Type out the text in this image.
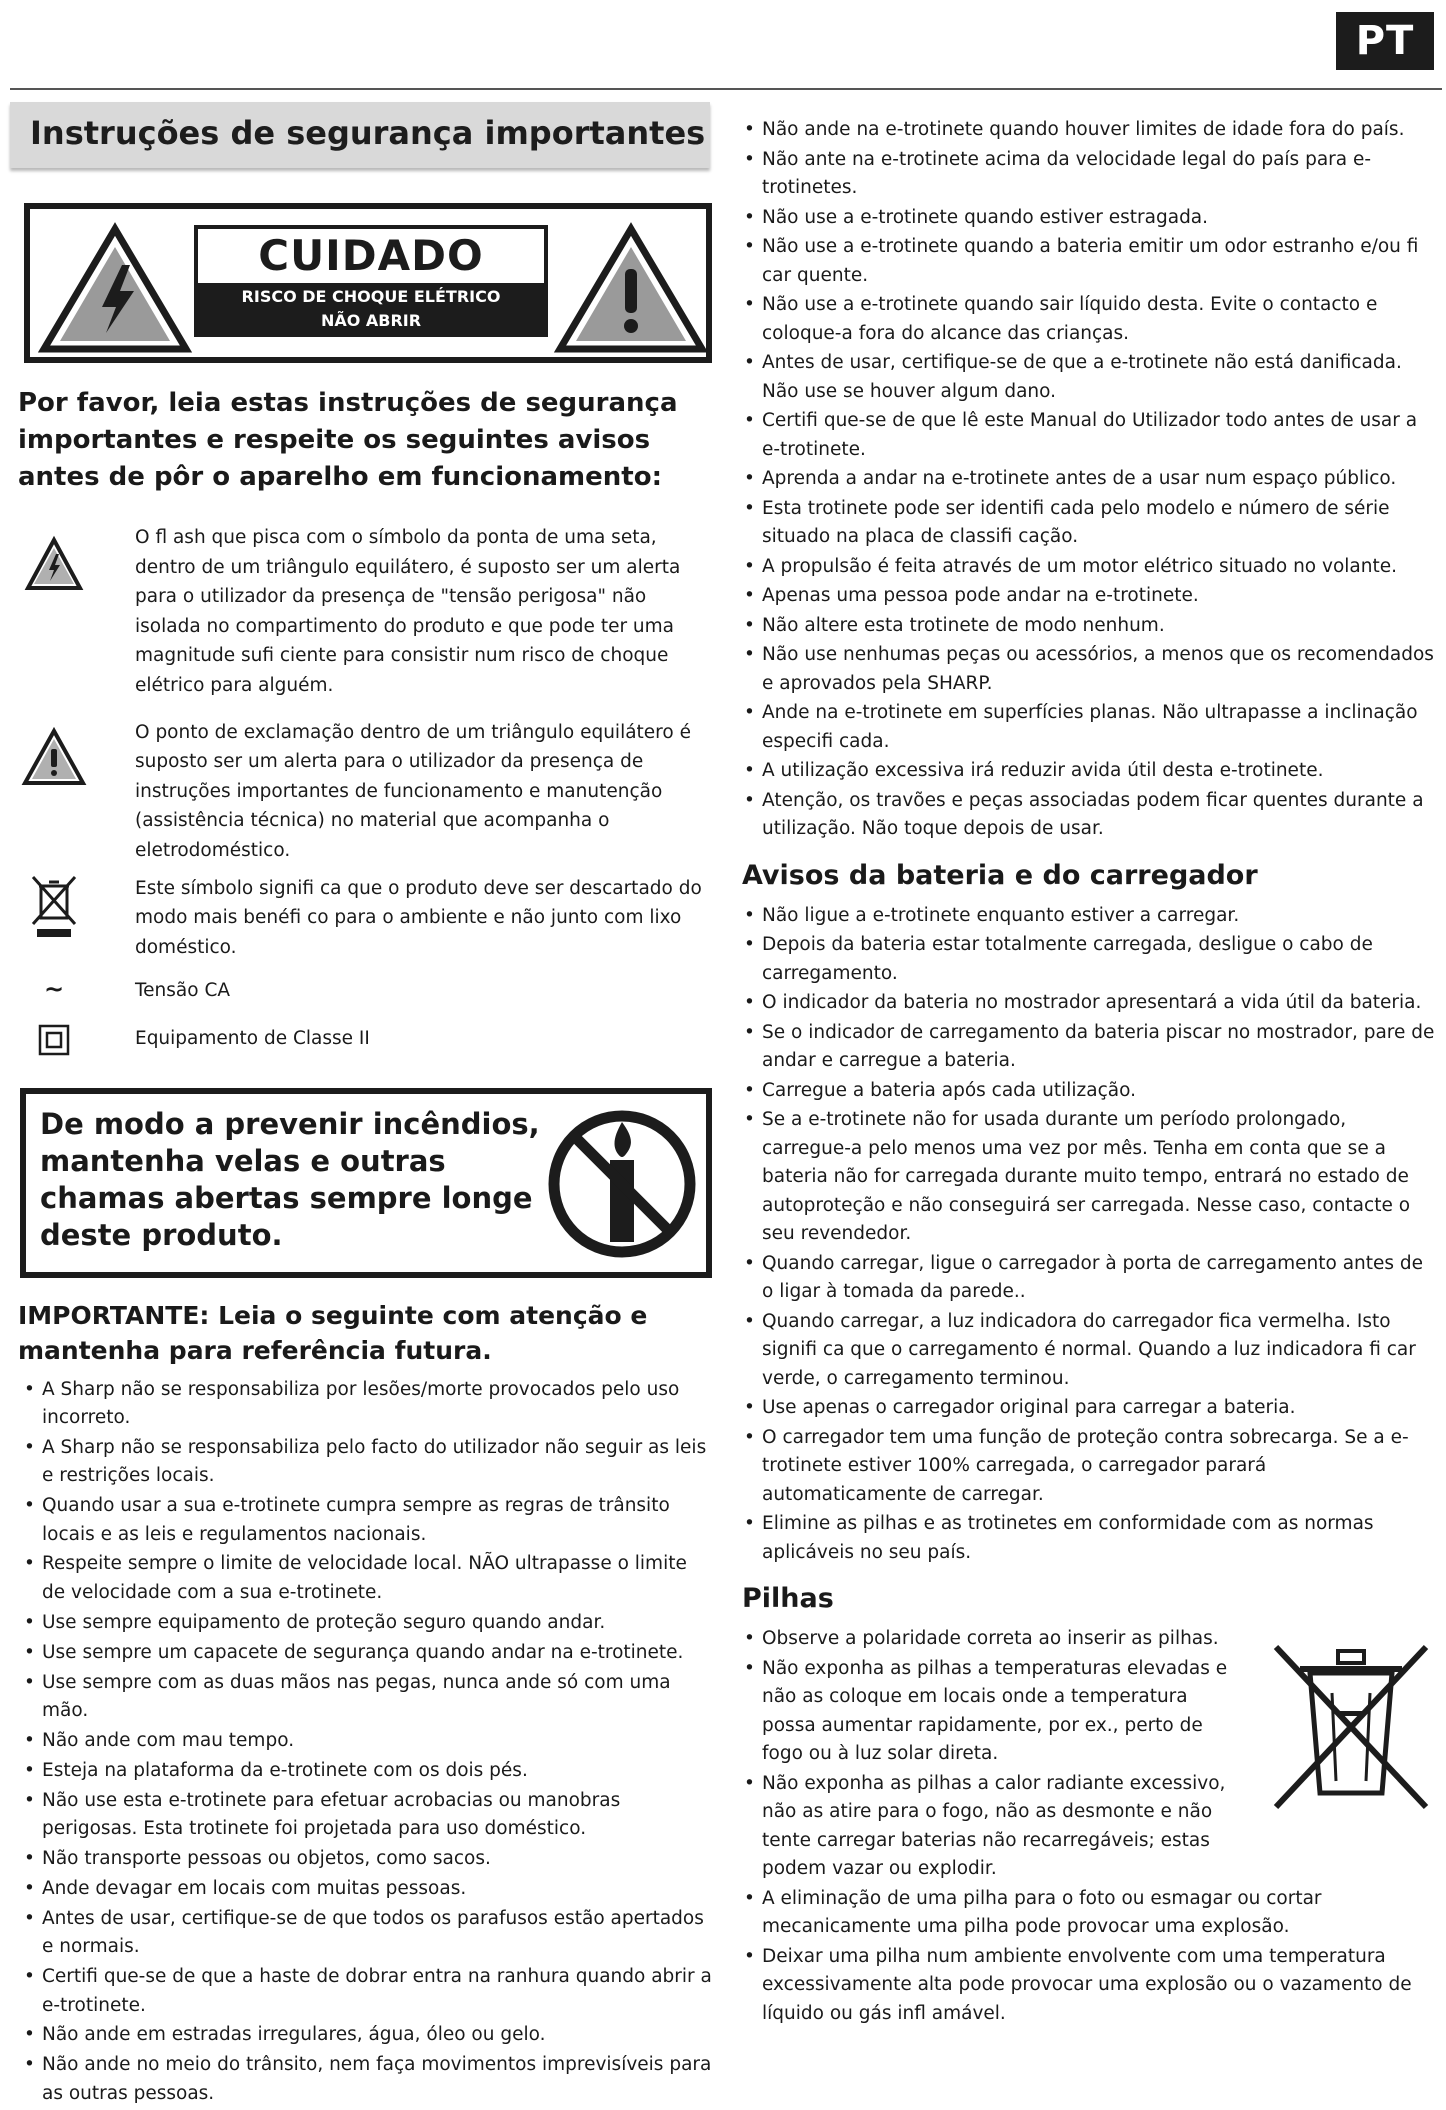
PT
Instruções de segurança importantes
CUIDADO
RISCO DE CHOQUE ELÉTRICO
NÃO ABRIR
Por favor, leia estas instruções de segurança importantes e respeite os seguintes avisos antes de pôr o aparelho em funcionamento:
O fl ash que pisca com o símbolo da ponta de uma seta, dentro de um triângulo equilátero, é suposto ser um alerta para o utilizador da presença de "tensão perigosa" não isolada no compartimento do produto e que pode ter uma magnitude sufi ciente para consistir num risco de choque elétrico para alguém.
O ponto de exclamação dentro de um triângulo equilátero é suposto ser um alerta para o utilizador da presença de instruções importantes de funcionamento e manutenção (assistência técnica) no material que acompanha o eletrodoméstico.
Este símbolo signifi ca que o produto deve ser descartado do modo mais benéfi co para o ambiente e não junto com lixo doméstico.
~	Tensão CA
Equipamento de Classe II
De modo a prevenir incêndios, mantenha velas e outras chamas abertas sempre longe deste produto.
IMPORTANTE: Leia o seguinte com atenção e mantenha para referência futura.
• A Sharp não se responsabiliza por lesões/morte provocados pelo uso incorreto.
• A Sharp não se responsabiliza pelo facto do utilizador não seguir as leis e restrições locais.
• Quando usar a sua e-trotinete cumpra sempre as regras de trânsito locais e as leis e regulamentos nacionais.
• Respeite sempre o limite de velocidade local. NÃO ultrapasse o limite de velocidade com a sua e-trotinete.
• Use sempre equipamento de proteção seguro quando andar.
• Use sempre um capacete de segurança quando andar na e-trotinete.
• Use sempre com as duas mãos nas pegas, nunca ande só com uma mão.
• Não ande com mau tempo.
• Esteja na plataforma da e-trotinete com os dois pés.
• Não use esta e-trotinete para efetuar acrobacias ou manobras perigosas. Esta trotinete foi projetada para uso doméstico.
• Não transporte pessoas ou objetos, como sacos.
• Ande devagar em locais com muitas pessoas.
• Antes de usar, certifique-se de que todos os parafusos estão apertados e normais.
• Certifi que-se de que a haste de dobrar entra na ranhura quando abrir a e-trotinete.
• Não ande em estradas irregulares, água, óleo ou gelo.
• Não ande no meio do trânsito, nem faça movimentos imprevisíveis para as outras pessoas.
• Não ande na e-trotinete quando houver limites de idade fora do país.
• Não ante na e-trotinete acima da velocidade legal do país para e-trotinetes.
• Não use a e-trotinete quando estiver estragada.
• Não use a e-trotinete quando a bateria emitir um odor estranho e/ou fi car quente.
• Não use a e-trotinete quando sair líquido desta. Evite o contacto e coloque-a fora do alcance das crianças.
• Antes de usar, certifique-se de que a e-trotinete não está danificada. Não use se houver algum dano.
• Certifi que-se de que lê este Manual do Utilizador todo antes de usar a e-trotinete.
• Aprenda a andar na e-trotinete antes de a usar num espaço público.
• Esta trotinete pode ser identifi cada pelo modelo e número de série situado na placa de classifi cação.
• A propulsão é feita através de um motor elétrico situado no volante.
• Apenas uma pessoa pode andar na e-trotinete.
• Não altere esta trotinete de modo nenhum.
• Não use nenhumas peças ou acessórios, a menos que os recomendados e aprovados pela SHARP.
• Ande na e-trotinete em superfícies planas. Não ultrapasse a inclinação especifi cada.
• A utilização excessiva irá reduzir avida útil desta e-trotinete.
• Atenção, os travões e peças associadas podem ficar quentes durante a utilização. Não toque depois de usar.
Avisos da bateria e do carregador
• Não ligue a e-trotinete enquanto estiver a carregar.
• Depois da bateria estar totalmente carregada, desligue o cabo de carregamento.
• O indicador da bateria no mostrador apresentará a vida útil da bateria.
• Se o indicador de carregamento da bateria piscar no mostrador, pare de andar e carregue a bateria.
• Carregue a bateria após cada utilização.
• Se a e-trotinete não for usada durante um período prolongado, carregue-a pelo menos uma vez por mês. Tenha em conta que se a bateria não for carregada durante muito tempo, entrará no estado de autoproteção e não conseguirá ser carregada. Nesse caso, contacte o seu revendedor.
• Quando carregar, ligue o carregador à porta de carregamento antes de o ligar à tomada da parede..
• Quando carregar, a luz indicadora do carregador fica vermelha. Isto signifi ca que o carregamento é normal. Quando a luz indicadora fi car verde, o carregamento terminou.
• Use apenas o carregador original para carregar a bateria.
• O carregador tem uma função de proteção contra sobrecarga. Se a e-trotinete estiver 100% carregada, o carregador parará automaticamente de carregar.
• Elimine as pilhas e as trotinetes em conformidade com as normas aplicáveis no seu país.
Pilhas
• Observe a polaridade correta ao inserir as pilhas.
• Não exponha as pilhas a temperaturas elevadas e não as coloque em locais onde a temperatura possa aumentar rapidamente, por ex., perto de fogo ou à luz solar direta.
• Não exponha as pilhas a calor radiante excessivo, não as atire para o fogo, não as desmonte e não tente carregar baterias não recarregáveis; estas podem vazar ou explodir.
• A eliminação de uma pilha para o foto ou esmagar ou cortar mecanicamente uma pilha pode provocar uma explosão.
• Deixar uma pilha num ambiente envolvente com uma temperatura excessivamente alta pode provocar uma explosão ou o vazamento de líquido ou gás infl amável.
